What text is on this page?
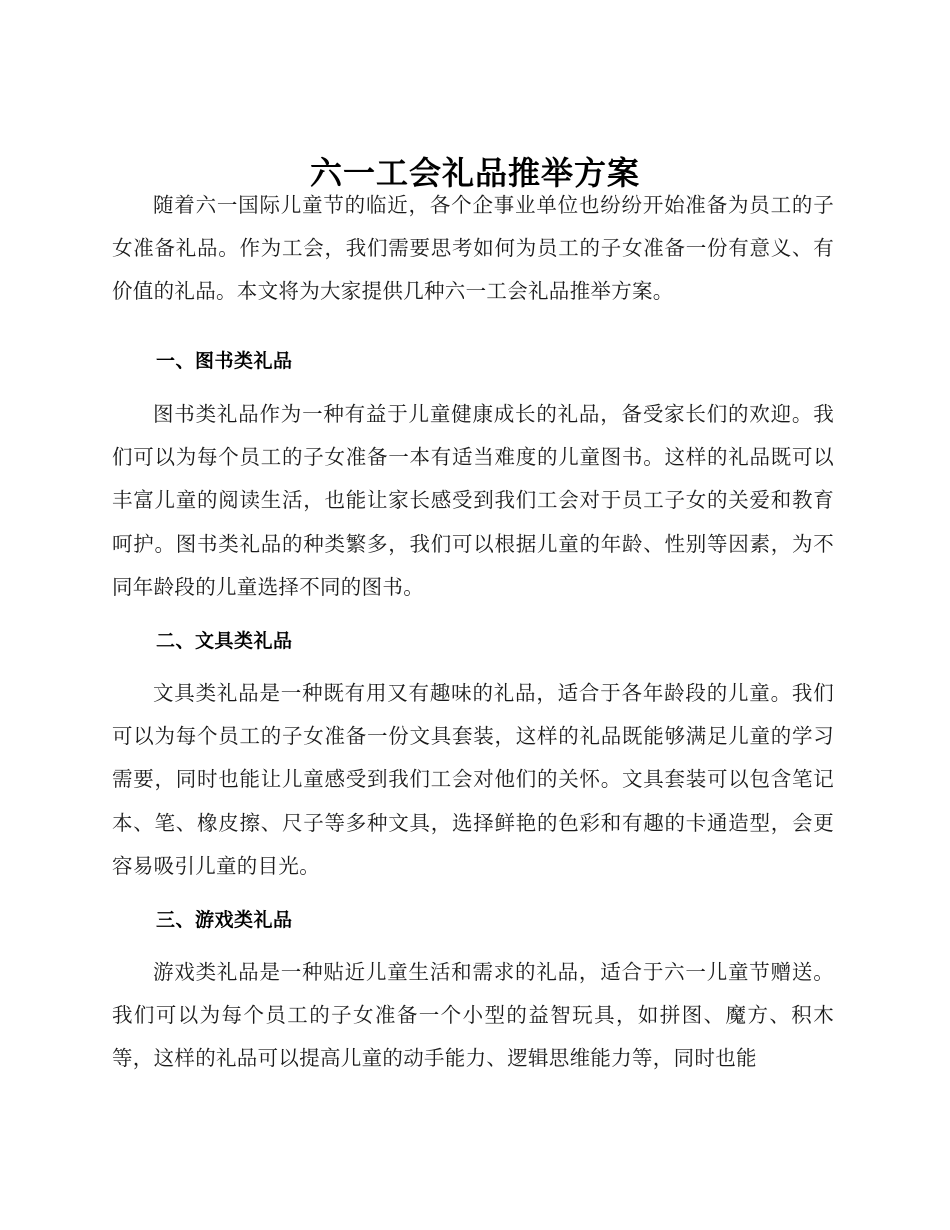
六一工会礼品推举方案

随着六一国际儿童节的临近，各个企事业单位也纷纷开始准备为员工的子女准备礼品。作为工会，我们需要思考如何为员工的子女准备一份有意义、有价值的礼品。本文将为大家提供几种六一工会礼品推举方案。

一、图书类礼品

图书类礼品作为一种有益于儿童健康成长的礼品，备受家长们的欢迎。我们可以为每个员工的子女准备一本有适当难度的儿童图书。这样的礼品既可以丰富儿童的阅读生活，也能让家长感受到我们工会对于员工子女的关爱和教育呵护。图书类礼品的种类繁多，我们可以根据儿童的年龄、性别等因素，为不同年龄段的儿童选择不同的图书。

二、文具类礼品

文具类礼品是一种既有用又有趣味的礼品，适合于各年龄段的儿童。我们可以为每个员工的子女准备一份文具套装，这样的礼品既能够满足儿童的学习需要，同时也能让儿童感受到我们工会对他们的关怀。文具套装可以包含笔记本、笔、橡皮擦、尺子等多种文具，选择鲜艳的色彩和有趣的卡通造型，会更容易吸引儿童的目光。

三、游戏类礼品

游戏类礼品是一种贴近儿童生活和需求的礼品，适合于六一儿童节赠送。我们可以为每个员工的子女准备一个小型的益智玩具，如拼图、魔方、积木等，这样的礼品可以提高儿童的动手能力、逻辑思维能力等，同时也能
